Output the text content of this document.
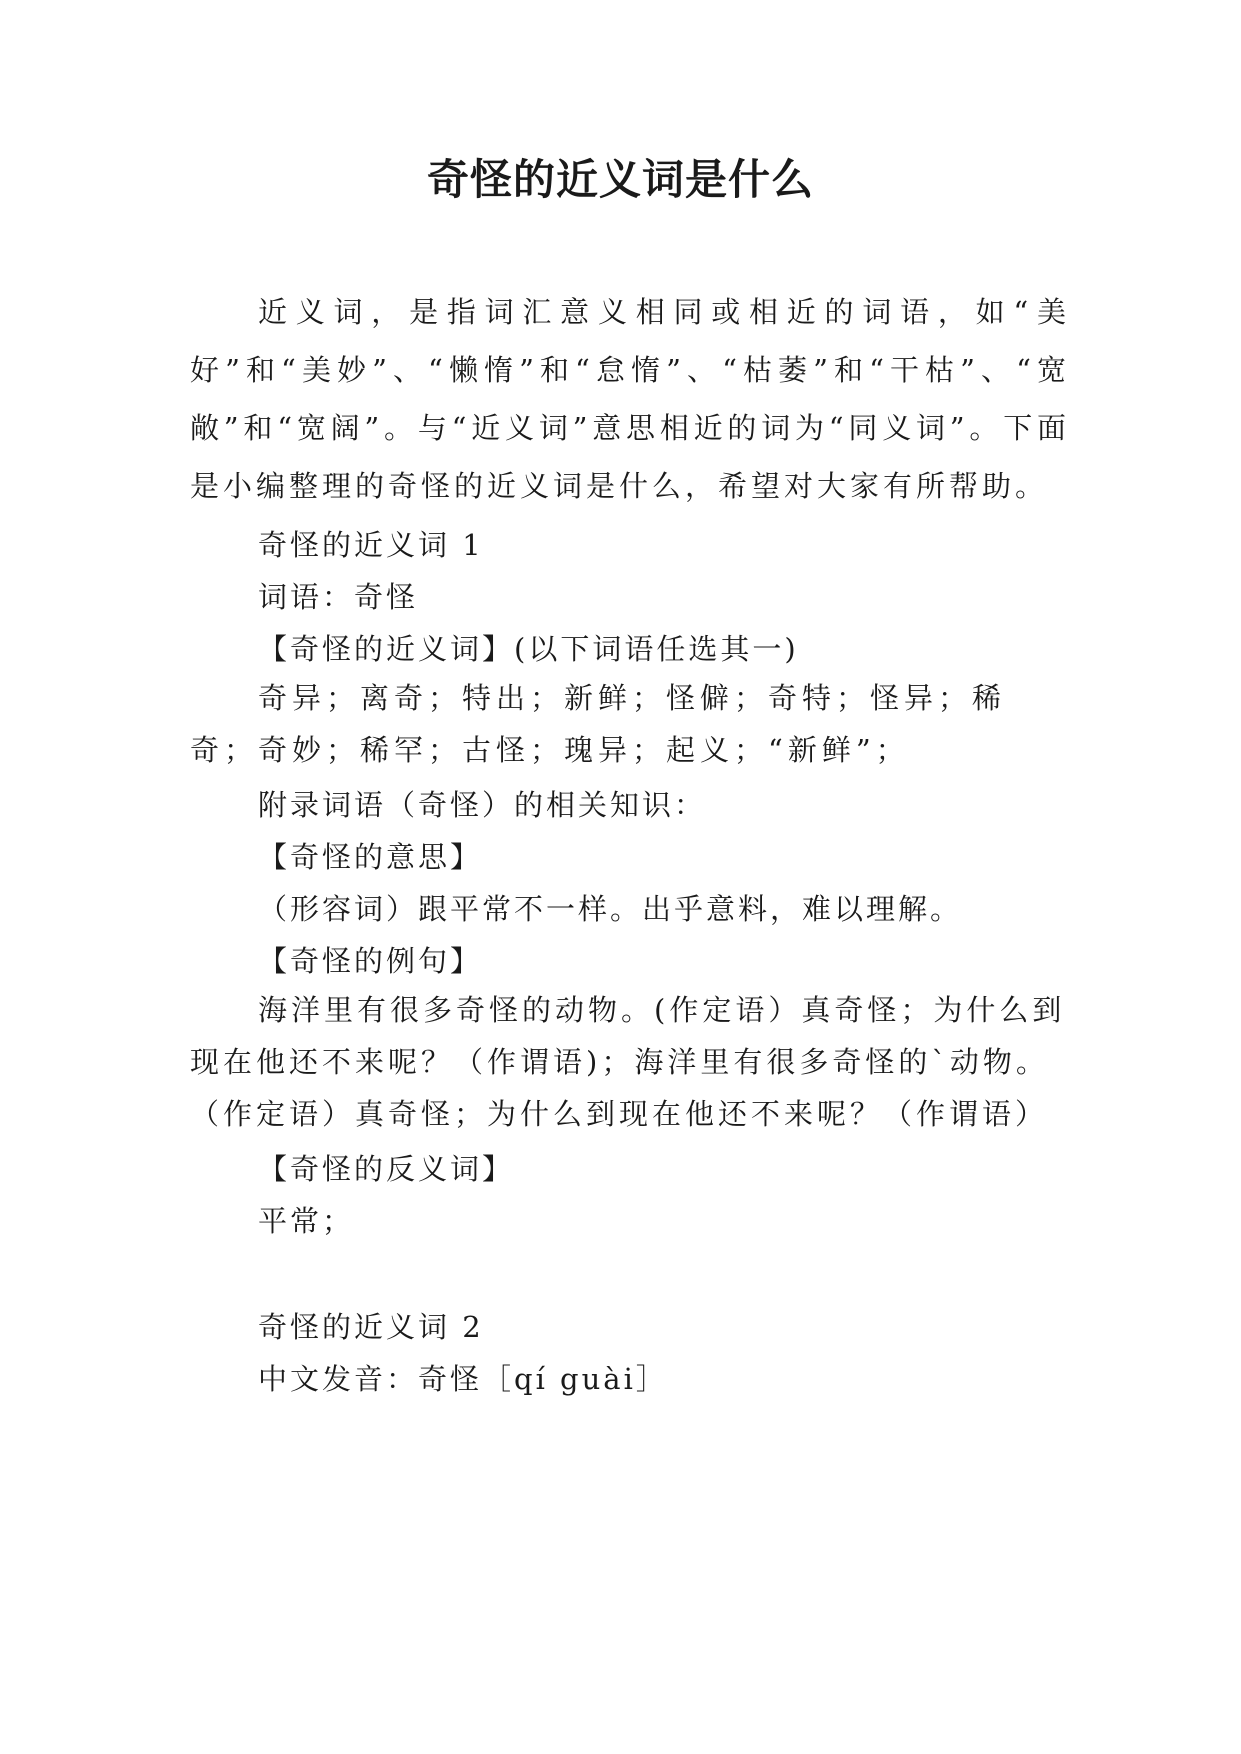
奇怪的近义词是什么

近义词，是指词汇意义相同或相近的词语，如“美好”和“美妙”、“懒惰”和“怠惰”、“枯萎”和“干枯”、“宽敞”和“宽阔”。与“近义词”意思相近的词为“同义词”。下面是小编整理的奇怪的近义词是什么，希望对大家有所帮助。

奇怪的近义词 1

词语：奇怪

【奇怪的近义词】(以下词语任选其一)

奇异；离奇；特出；新鲜；怪僻；奇特；怪异；稀奇；奇妙；稀罕；古怪；瑰异；起义；“新鲜”；

附录词语（奇怪）的相关知识：

【奇怪的意思】

（形容词）跟平常不一样。出乎意料，难以理解。

【奇怪的例句】

海洋里有很多奇怪的动物。(作定语）真奇怪；为什么到现在他还不来呢？（作谓语)；海洋里有很多奇怪的`动物。（作定语）真奇怪；为什么到现在他还不来呢？（作谓语）

【奇怪的反义词】

平常；

奇怪的近义词 2

中文发音：奇怪［qí guài］
